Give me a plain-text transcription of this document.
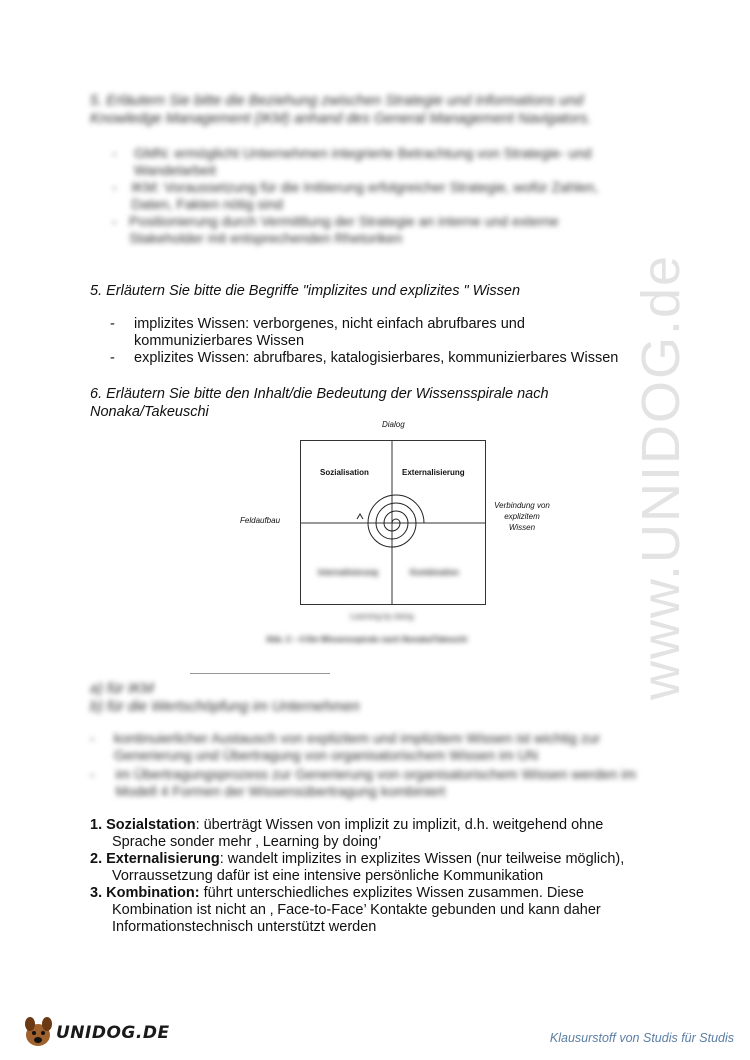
www.UNIDOG.de
5. Erläutern Sie bitte die Beziehung zwischen Strategie und Informations und Knowledge Management (IKM) anhand des General Management Navigators.
-	GMN: ermöglicht Unternehmen integrierte Betrachtung von Strategie- und Wandelarbeit
-	IKM: Voraussetzung für die Initiierung erfolgreicher Strategie, wofür Zahlen, Daten, Fakten nötig sind
- Positionierung durch Vermittlung der Strategie an interne und externe Stakeholder mit entsprechenden Rhetoriken
5. Erläutern Sie bitte die Begriffe "implizites und explizites " Wissen
-	implizites Wissen: verborgenes, nicht einfach abrufbares und
kommunizierbares Wissen
-	explizites Wissen: abrufbares, katalogisierbares, kommunizierbares Wissen
6. Erläutern Sie bitte den Inhalt/die Bedeutung der Wissensspirale nach
Nonaka/Takeuschi
Dialog
Feldaufbau
Verbindung von explizitem Wissen
Sozialisation	Externalisierung
Internalisierung	Kombination
Learning by doing
Abb. 2 – 4 Die Wissensspirale nach Nonaka/Takeuchi
a) für IKM
b) für die Wertschöpfung im Unternehmen
-	kontinuierlicher Austausch von explizitem und implizitem Wissen ist wichtig zur Generierung und Übertragung von organisatorischem Wissen im UN
-	im Übertragungsprozess zur Generierung von organisatorischem Wissen werden im Modell 4 Formen der Wissensübertragung kombiniert
1. Sozialstation: überträgt Wissen von implizit zu implizit, d.h. weitgehend ohne
Sprache sonder mehr ‚ Learning by doing’
2. Externalisierung: wandelt implizites in explizites Wissen (nur teilweise möglich),
Vorraussetzung dafür ist eine intensive persönliche Kommunikation
3. Kombination: führt unterschiedliches explizites Wissen zusammen. Diese
Kombination ist nicht an ‚ Face-to-Face’ Kontakte gebunden und kann daher
Informationstechnisch unterstützt werden
UNIDOG.DE	Klausurstoff von Studis für Studis
